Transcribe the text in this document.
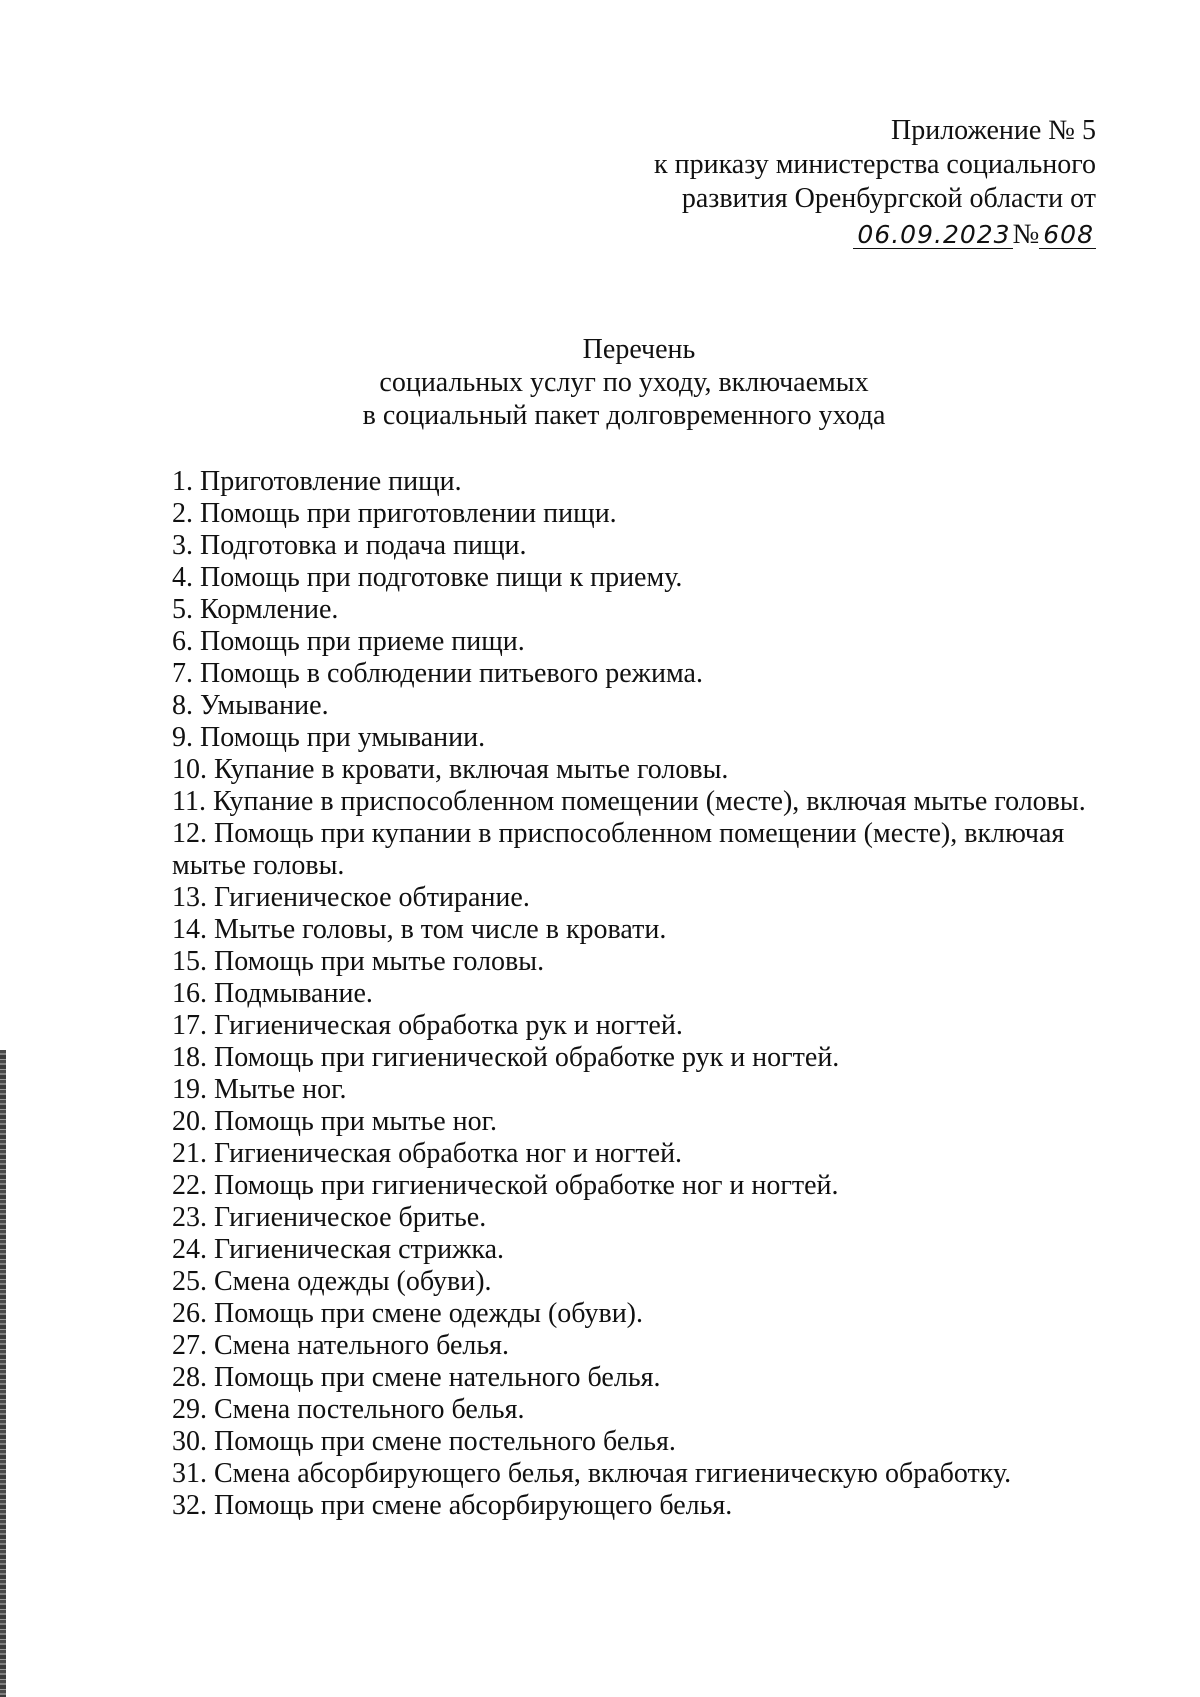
Приложение № 5
к приказу министерства социального
развития Оренбургской области от
06.09.2023№ 608
Перечень
социальных услуг по уходу, включаемых
в социальный пакет долговременного ухода
1. Приготовление пищи.
2. Помощь при приготовлении пищи.
3. Подготовка и подача пищи.
4. Помощь при подготовке пищи к приему.
5. Кормление.
6. Помощь при приеме пищи.
7. Помощь в соблюдении питьевого режима.
8. Умывание.
9. Помощь при умывании.
10. Купание в кровати, включая мытье головы.
11. Купание в приспособленном помещении (месте), включая мытье головы.
12. Помощь при купании в приспособленном помещении (месте), включая мытье головы.
13. Гигиеническое обтирание.
14. Мытье головы, в том числе в кровати.
15. Помощь при мытье головы.
16. Подмывание.
17. Гигиеническая обработка рук и ногтей.
18. Помощь при гигиенической обработке рук и ногтей.
19. Мытье ног.
20. Помощь при мытье ног.
21. Гигиеническая обработка ног и ногтей.
22. Помощь при гигиенической обработке ног и ногтей.
23. Гигиеническое бритье.
24. Гигиеническая стрижка.
25. Смена одежды (обуви).
26. Помощь при смене одежды (обуви).
27. Смена нательного белья.
28. Помощь при смене нательного белья.
29. Смена постельного белья.
30. Помощь при смене постельного белья.
31. Смена абсорбирующего белья, включая гигиеническую обработку.
32. Помощь при смене абсорбирующего белья.
